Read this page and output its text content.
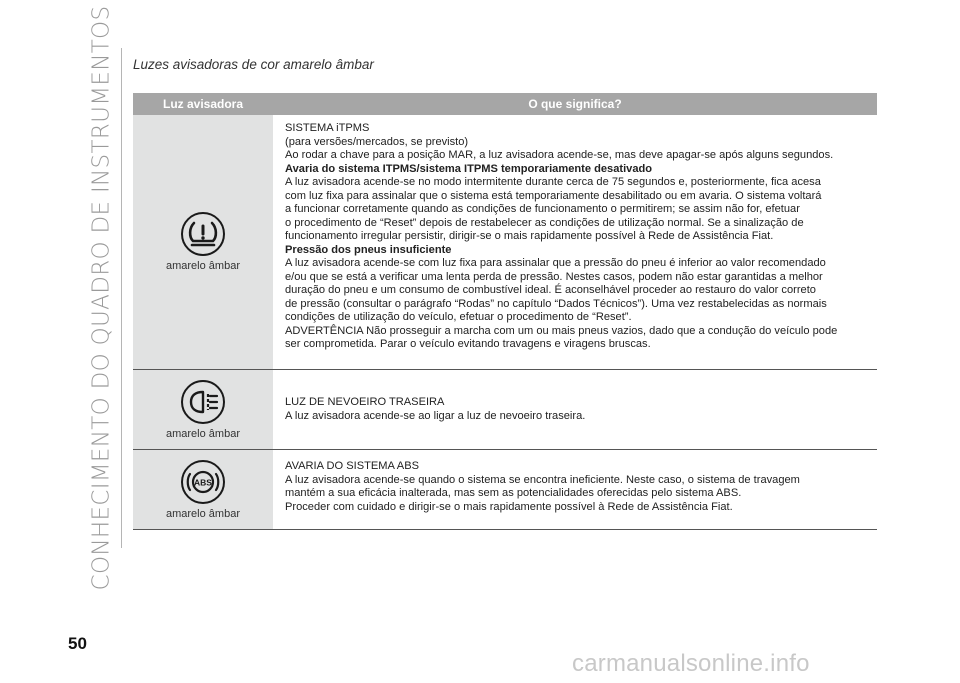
CONHECIMENTO DO QUADRO DE INSTRUMENTOS Luzes avisadoras de cor amarelo âmbar
Luz avisadora	O que significa?
amarelo âmbar

SISTEMA iTPMS

(para versões/mercados, se previsto)

Ao rodar a chave para a posição MAR, a luz avisadora acende-se, mas deve apagar-se após alguns segundos.

Avaria do sistema ITPMS/sistema ITPMS temporariamente desativado

A luz avisadora acende-se no modo intermitente durante cerca de 75 segundos e, posteriormente, fica acesa

com luz fixa para assinalar que o sistema está temporariamente desabilitado ou em avaria. O sistema voltará

a funcionar corretamente quando as condições de funcionamento o permitirem; se assim não for, efetuar

o procedimento de “Reset” depois de restabelecer as condições de utilização normal. Se a sinalização de

funcionamento irregular persistir, dirigir-se o mais rapidamente possível à Rede de Assistência Fiat.

Pressão dos pneus insuficiente

A luz avisadora acende-se com luz fixa para assinalar que a pressão do pneu é inferior ao valor recomendado

e/ou que se está a verificar uma lenta perda de pressão. Nestes casos, podem não estar garantidas a melhor

duração do pneu e um consumo de combustível ideal. É aconselhável proceder ao restauro do valor correto

de pressão (consultar o parágrafo “Rodas” no capítulo “Dados Técnicos”). Uma vez restabelecidas as normais

condições de utilização do veículo, efetuar o procedimento de “Reset”.

ADVERTÊNCIA Não prosseguir a marcha com um ou mais pneus vazios, dado que a condução do veículo pode

ser comprometida. Parar o veículo evitando travagens e viragens bruscas.

amarelo âmbar

LUZ DE NEVOEIRO TRASEIRA

A luz avisadora acende-se ao ligar a luz de nevoeiro traseira.

ABS
amarelo âmbar

AVARIA DO SISTEMA ABS

A luz avisadora acende-se quando o sistema se encontra ineficiente. Neste caso, o sistema de travagem

mantém a sua eficácia inalterada, mas sem as potencialidades oferecidas pelo sistema ABS.

Proceder com cuidado e dirigir-se o mais rapidamente possível à Rede de Assistência Fiat.

50
carmanualsonline.info
